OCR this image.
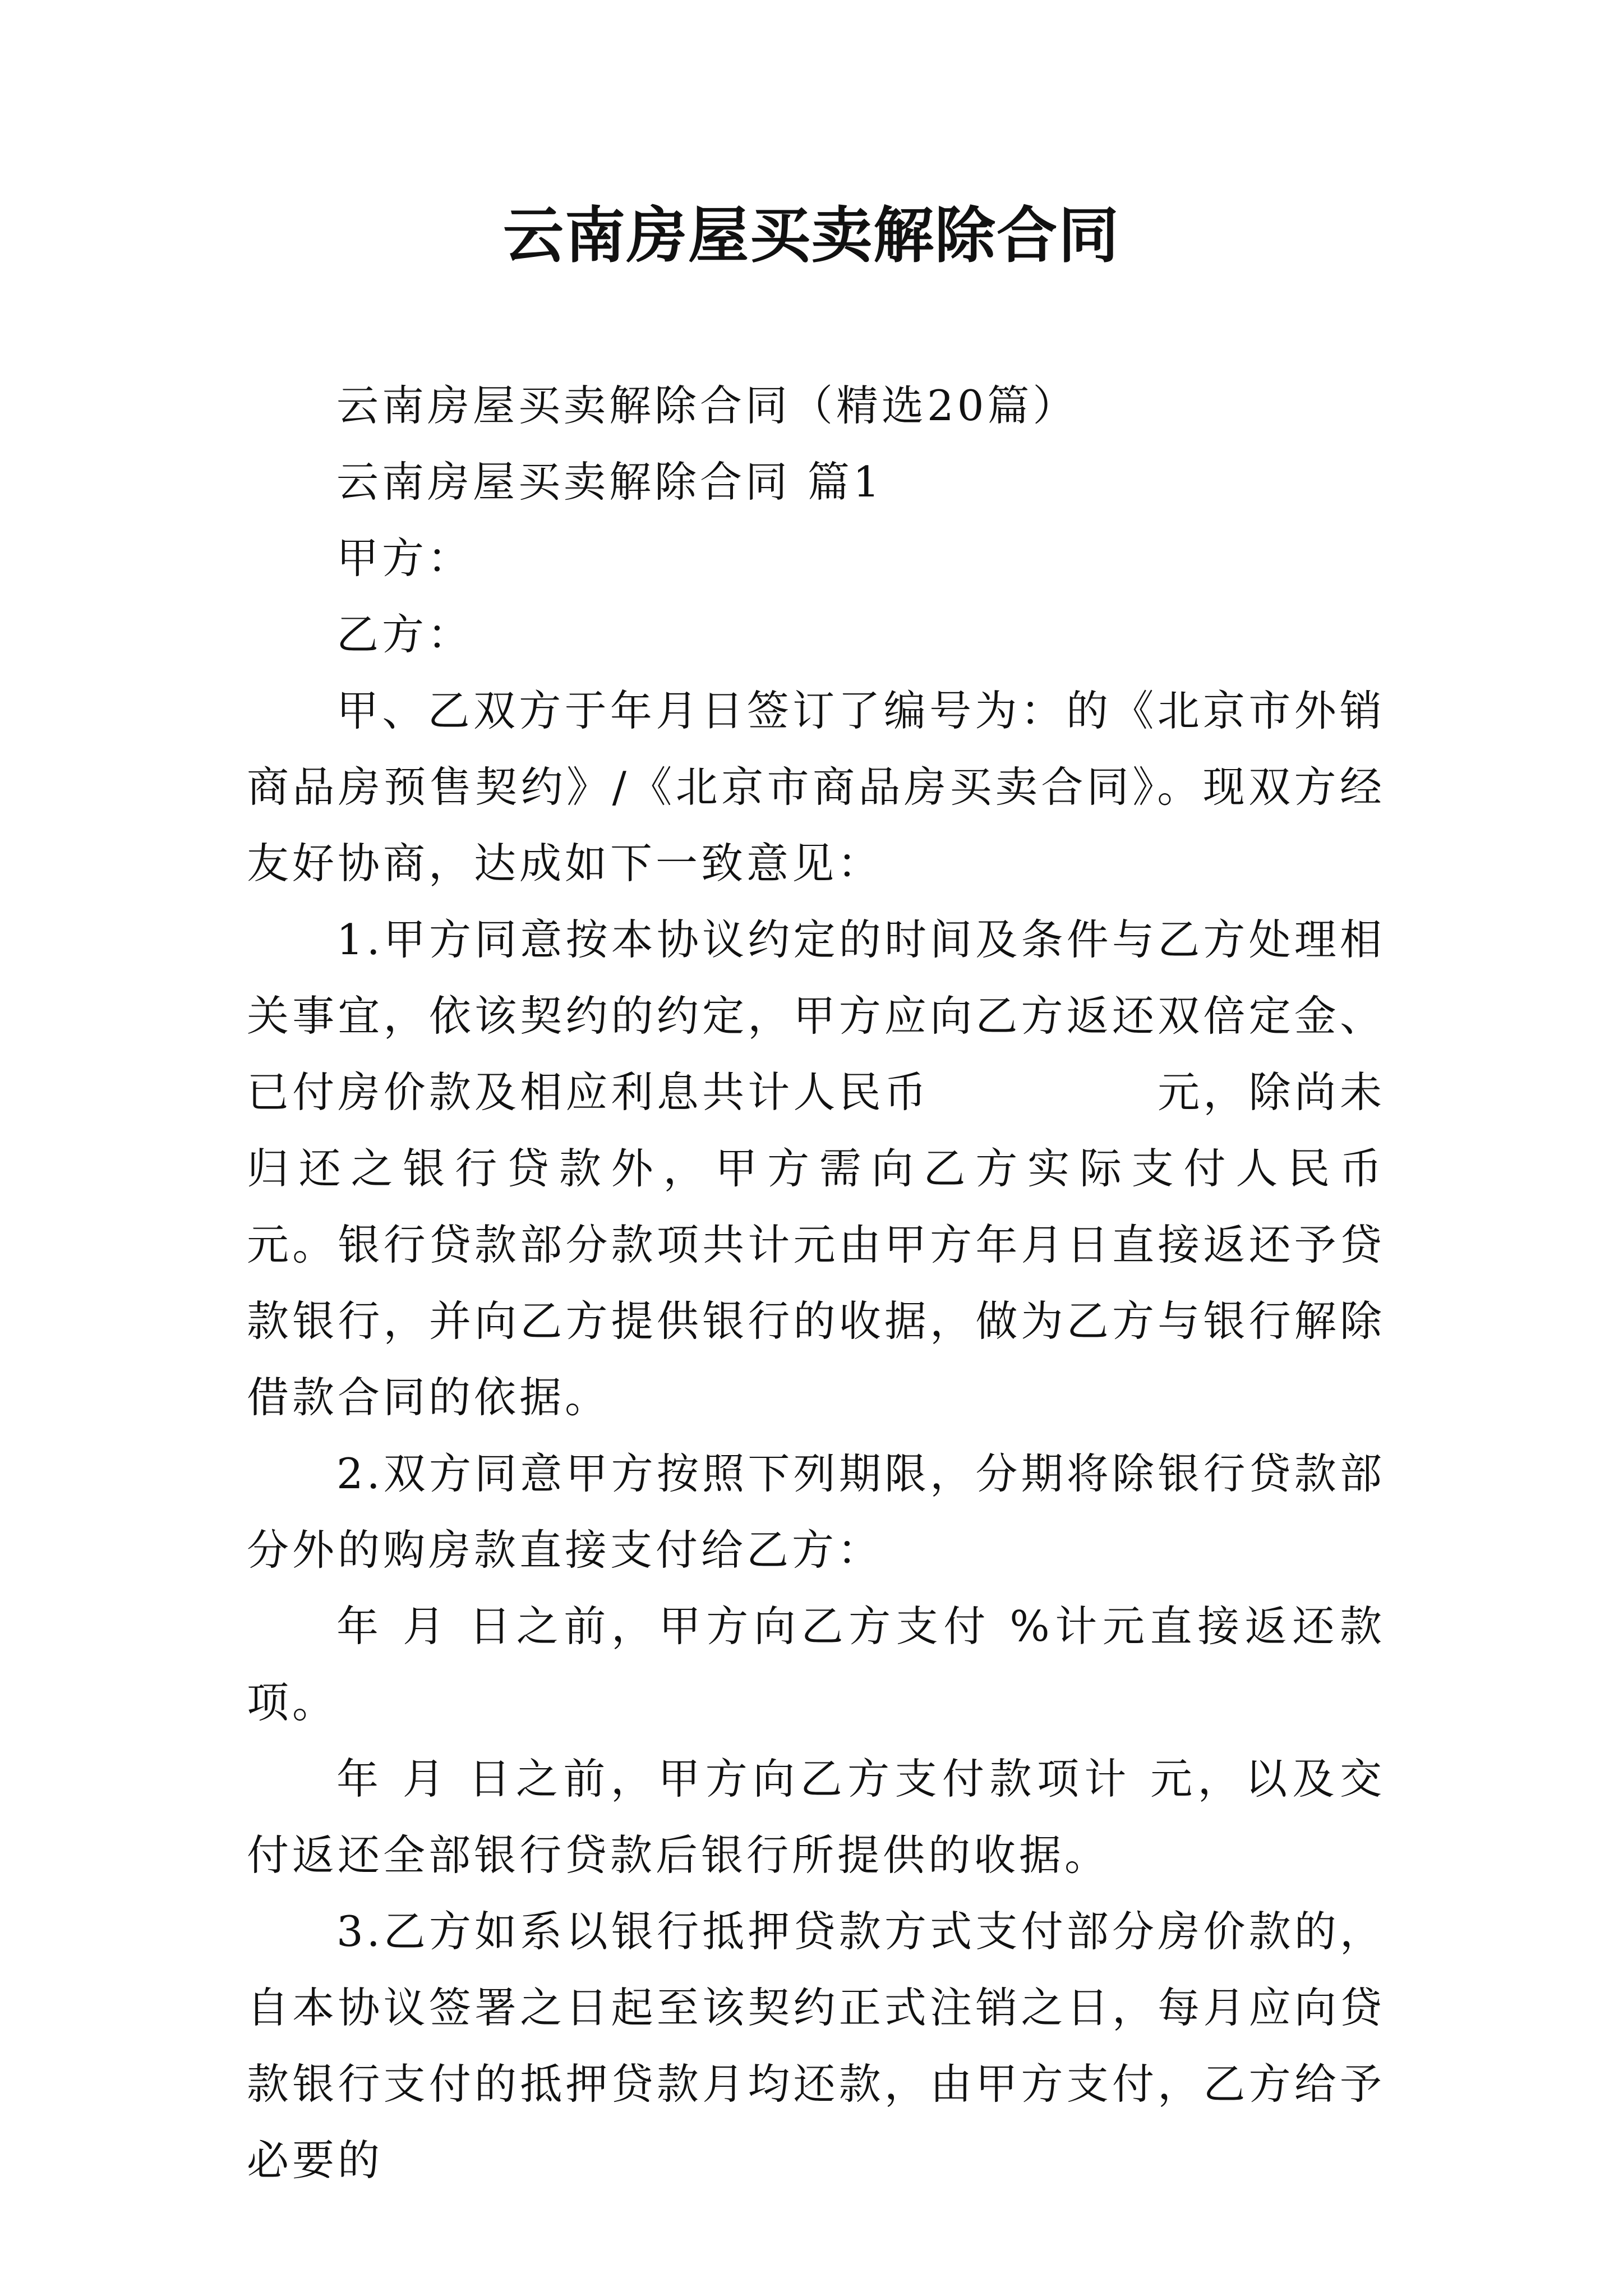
云南房屋买卖解除合同

云南房屋买卖解除合同（精选20篇）

云南房屋买卖解除合同 篇1

甲方：

乙方：

甲、乙双方于年月日签订了编号为：的《北京市外销商品房预售契约》/《北京市商品房买卖合同》。现双方经友好协商，达成如下一致意见：

1.甲方同意按本协议约定的时间及条件与乙方处理相关事宜，依该契约的约定，甲方应向乙方返还双倍定金、已付房价款及相应利息共计人民币　　　　　元，除尚未归还之银行贷款外，甲方需向乙方实际支付人民币　　　　　元。银行贷款部分款项共计元由甲方年月日直接返还予贷款银行，并向乙方提供银行的收据，做为乙方与银行解除借款合同的依据。

2.双方同意甲方按照下列期限，分期将除银行贷款部分外的购房款直接支付给乙方：

年 月 日之前，甲方向乙方支付 %计元直接返还款项。

年 月 日之前，甲方向乙方支付款项计 元，以及交付返还全部银行贷款后银行所提供的收据。

3.乙方如系以银行抵押贷款方式支付部分房价款的，自本协议签署之日起至该契约正式注销之日，每月应向贷款银行支付的抵押贷款月均还款，由甲方支付，乙方给予必要的
